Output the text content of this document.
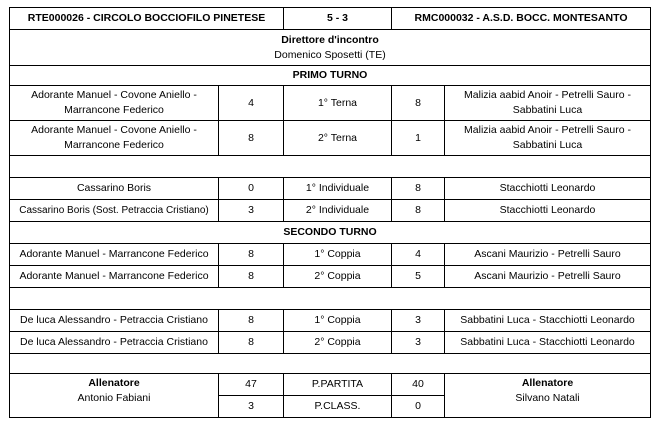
RTE000026 - CIRCOLO BOCCIOFILO PINETESE		5 - 3	RMC000032 - A.S.D. BOCC. MONTESANTO	

Direttore d'incontro
Domenico Sposetti (TE)				

PRIMO TURNO				

Adorante Manuel - Covone Aniello -
Marrancone Federico	4	1° Terna	8	Malizia aabid Anoir - Petrelli Sauro -
Sabbatini Luca

Adorante Manuel - Covone Aniello -
Marrancone Federico	8	2° Terna	1	Malizia aabid Anoir - Petrelli Sauro -
Sabbatini Luca

Cassarino Boris	0	1° Individuale	8	Stacchiotti Leonardo
Cassarino Boris (Sost. Petraccia Cristiano)	3	2° Individuale	8	Stacchiotti Leonardo
SECONDO TURNO				
Adorante Manuel - Marrancone Federico	8	1° Coppia	4	Ascani Maurizio - Petrelli Sauro
Adorante Manuel - Marrancone Federico	8	2° Coppia	5	Ascani Maurizio - Petrelli Sauro

De luca Alessandro - Petraccia Cristiano	8	1° Coppia	3	Sabbatini Luca - Stacchiotti Leonardo
De luca Alessandro - Petraccia Cristiano	8	2° Coppia	3	Sabbatini Luca - Stacchiotti Leonardo

Allenatore
Antonio Fabiani	47	P.PARTITA	40	Allenatore
Silvano Natali

	3	P.CLASS.	0	
